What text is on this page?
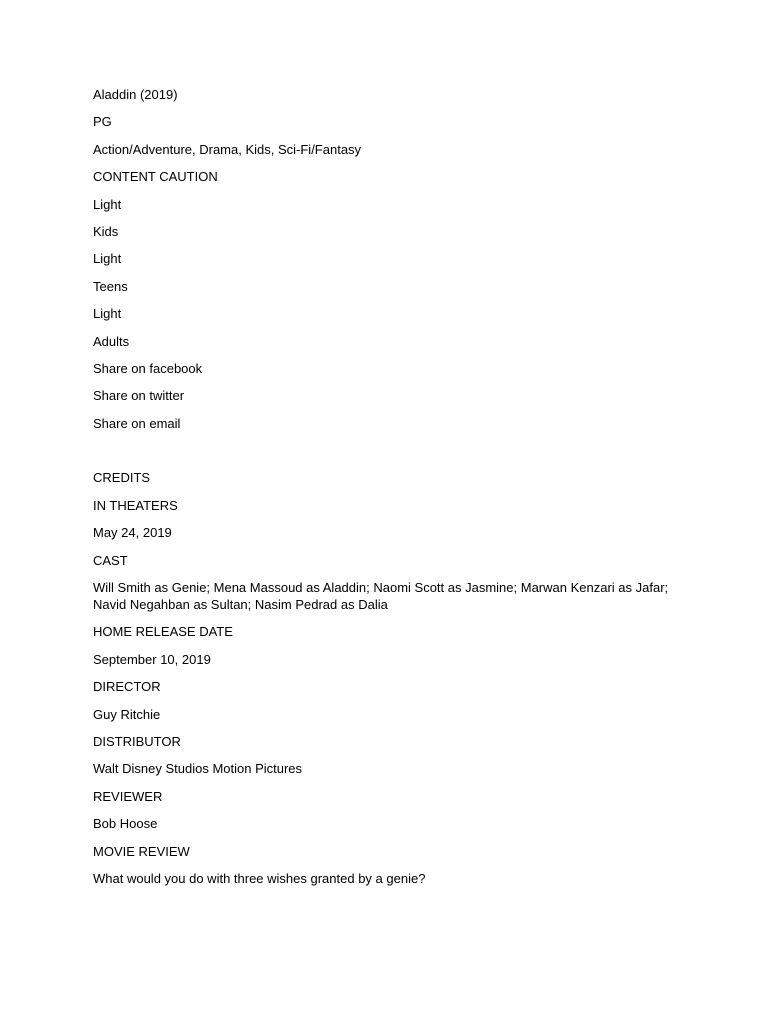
Aladdin (2019)
PG
Action/Adventure, Drama, Kids, Sci-Fi/Fantasy
CONTENT CAUTION
Light
Kids
Light
Teens
Light
Adults
Share on facebook
Share on twitter
Share on email
CREDITS
IN THEATERS
May 24, 2019
CAST
Will Smith as Genie; Mena Massoud as Aladdin; Naomi Scott as Jasmine; Marwan Kenzari as Jafar; Navid Negahban as Sultan; Nasim Pedrad as Dalia
HOME RELEASE DATE
September 10, 2019
DIRECTOR
Guy Ritchie
DISTRIBUTOR
Walt Disney Studios Motion Pictures
REVIEWER
Bob Hoose
MOVIE REVIEW
What would you do with three wishes granted by a genie?
